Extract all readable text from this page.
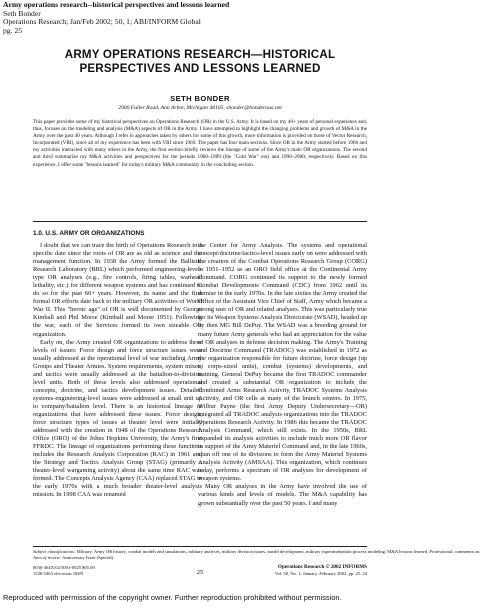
Army operations research--historical perspectives and lessons learned
Seth Bonder
Operations Research; Jan/Feb 2002; 50, 1; ABI/INFORM Global
pg. 25
ARMY OPERATIONS RESEARCH—HISTORICAL
PERSPECTIVES AND LESSONS LEARNED
SETH BONDER
2900 Fuller Road, Ann Arbor, Michigan 48105, sbonder@bonderaaa.net
This paper provides some of my historical perspectives on Operations Research (OR) in the U.S. Army. It is based on my 40+ years of personal experience and, thus, focuses on the modeling and analysis (M&A) aspects of OR in the Army. I have attempted to highlight the changing problems and growth of M&A in the Army over the past 40 years. Although I refer to approaches taken by others for some of this growth, more information is provided on those of Vector Research, Incorporated (VRI), since all of my experience has been with VRI since 1969. The paper has four main sections. Since OR in the Army started before 1960 and my activities interacted with many others in the Army, the first section briefly reviews the lineage of some of the Army's main OR organizations. The second and third summarize my M&A activities and perspectives for the periods 1960–1989 (the "Cold War" era) and 1990–2000, respectively. Based on this experience, I offer some "lessons learned" for today's military M&A community in the concluding section.
1.0. U.S. ARMY OR ORGANIZATIONS

I doubt that we can trace the birth of Operations Research to a specific date since the roots of OR are as old as science and the management function. In 1938 the Army formed the Ballistic Research Laboratory (BRL) which performed engineering-level-type OR analyses (e.g., fire controls, firing tables, warhead lethality, etc.) for different weapon systems and has continued to do so for the past 60+ years. However, its name and the first formal OR efforts date back to the military OR activities of World War II. This "heroic age" of OR is well documented by George Kimball and Phil Morse (Kimball and Morse 1951). Following the war, each of the Services formed its own sizeable OR organization.

Early on, the Army created OR organizations to address three levels of issues: Force design and force structure issues were usually addressed at the operational level of war including Army Groups and Theater Armies. System requirements, system mixes, and tactics were usually addressed at the battalion-to-division level units. Both of these levels also addressed operational concepts, doctrine, and tactics development issues. Detailed systems-engineering-level issues were addressed at small unit up to company/battalion level. There is an historical lineage of organizations that have addressed these issues. Force design, force structure types of issues at theater level were initially addressed with the creation in 1948 of the Operations Research Office (ORO) of the Johns Hopkins University, the Army's first FFRDC. The lineage of organizations performing these functions includes the Research Analysis Corporation (RAC) in 1961 and the Strategy and Tactics Analysis Group (STAG) (primarily a theater-level wargaming activity) about the same time RAC was formed. The Concepts Analysis Agency (CAA) replaced STAG in the early 1970s with a much broader theater-level analysis mission. In 1998 CAA was renamed

the Center for Army Analysis. The systems and operational concept/doctrine/tactics-level issues early on were addressed with the creation of the Combat Operations Research Group (CORG) in 1951–1952 as an ORO field office at the Continental Army Command. CORG continued its support to the newly formed Combat Developments Command (CDC) from 1962 until its demise in the early 1970s. In the late sixties the Army created the Office of the Assistant Vice Chief of Staff, Army which became a strong user of OR and related analyses. This was particularly true for its Weapon Systems Analysis Directorate (WSAD), headed up by then MG Bill DePuy. The WSAD was a breeding ground for many future Army generals who had an appreciation for the value of OR analyses in defense decision making. The Army's Training and Doctrine Command (TRADOC) was established in 1972 as the organization responsible for future doctrine, force design (up to corps-sized units), combat (systems) developments, and training. General DePuy became the first TRADOC commander and created a substantial OR organization to include the Combined Arms Research Activity, TRADOC Systems Analysis Activity, and OR cells at many of the branch centers. In 1975, Wilbur Payne (the first Army Deputy Undersecretary—OR) integrated all TRADOC analysis organizations into the TRADOC Operations Research Activity. In 1986 this became the TRADOC Analysis Command, which still exists. In the 1950s, BRL expanded its analysis activities to include much more OR flavor in support of the Army Materiel Command and, in the late 1960s, spun off one of its divisions to form the Army Materiel Systems Analysis Activity (AMSAA). This organization, which continues today, performs a spectrum of OR analyses for development of weapon systems.

Many OR analyses in the Army have involved the use of various kinds and levels of models. The M&A capability has grown substantially over the past 50 years. I and many

Subject classifications: Military: Army OR history, combat models and simulations, military analyses, military decision issues, model development, military experimentation process modeling, M&A lessons learned. Professional: comments on.
Area of review: Anniversary Issue (Special).
0030-364X/02/5001-0025 $05.00
1526-5463 electronic ISSN	25
Operations Research © 2002 INFORMS
Vol. 50, No. 1, January–February 2002, pp. 25–34
Reproduced with permission of the copyright owner. Further reproduction prohibited without permission.
